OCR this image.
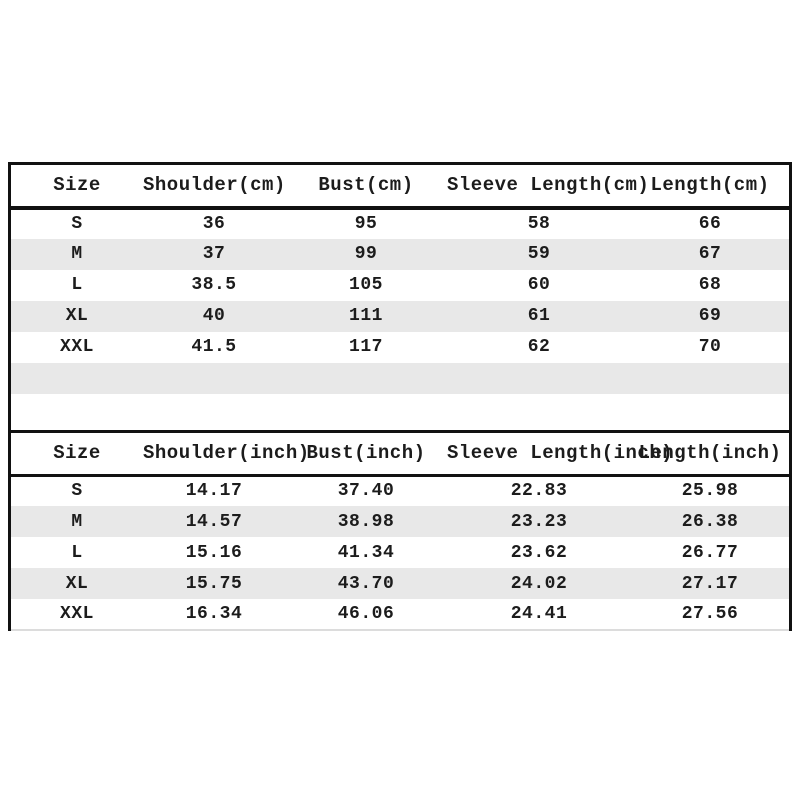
Size	Shoulder(cm)	Bust(cm)	Sleeve Length(cm)	Length(cm)
S	36	95	58	66
M	37	99	59	67
L	38.5	105	60	68
XL	40	111	61	69
XXL	41.5	117	62	70

Size	Shoulder(inch)	Bust(inch)	Sleeve Length(inch)	Length(inch)
S	14.17	37.40	22.83	25.98
M	14.57	38.98	23.23	26.38
L	15.16	41.34	23.62	26.77
XL	15.75	43.70	24.02	27.17
XXL	16.34	46.06	24.41	27.56
